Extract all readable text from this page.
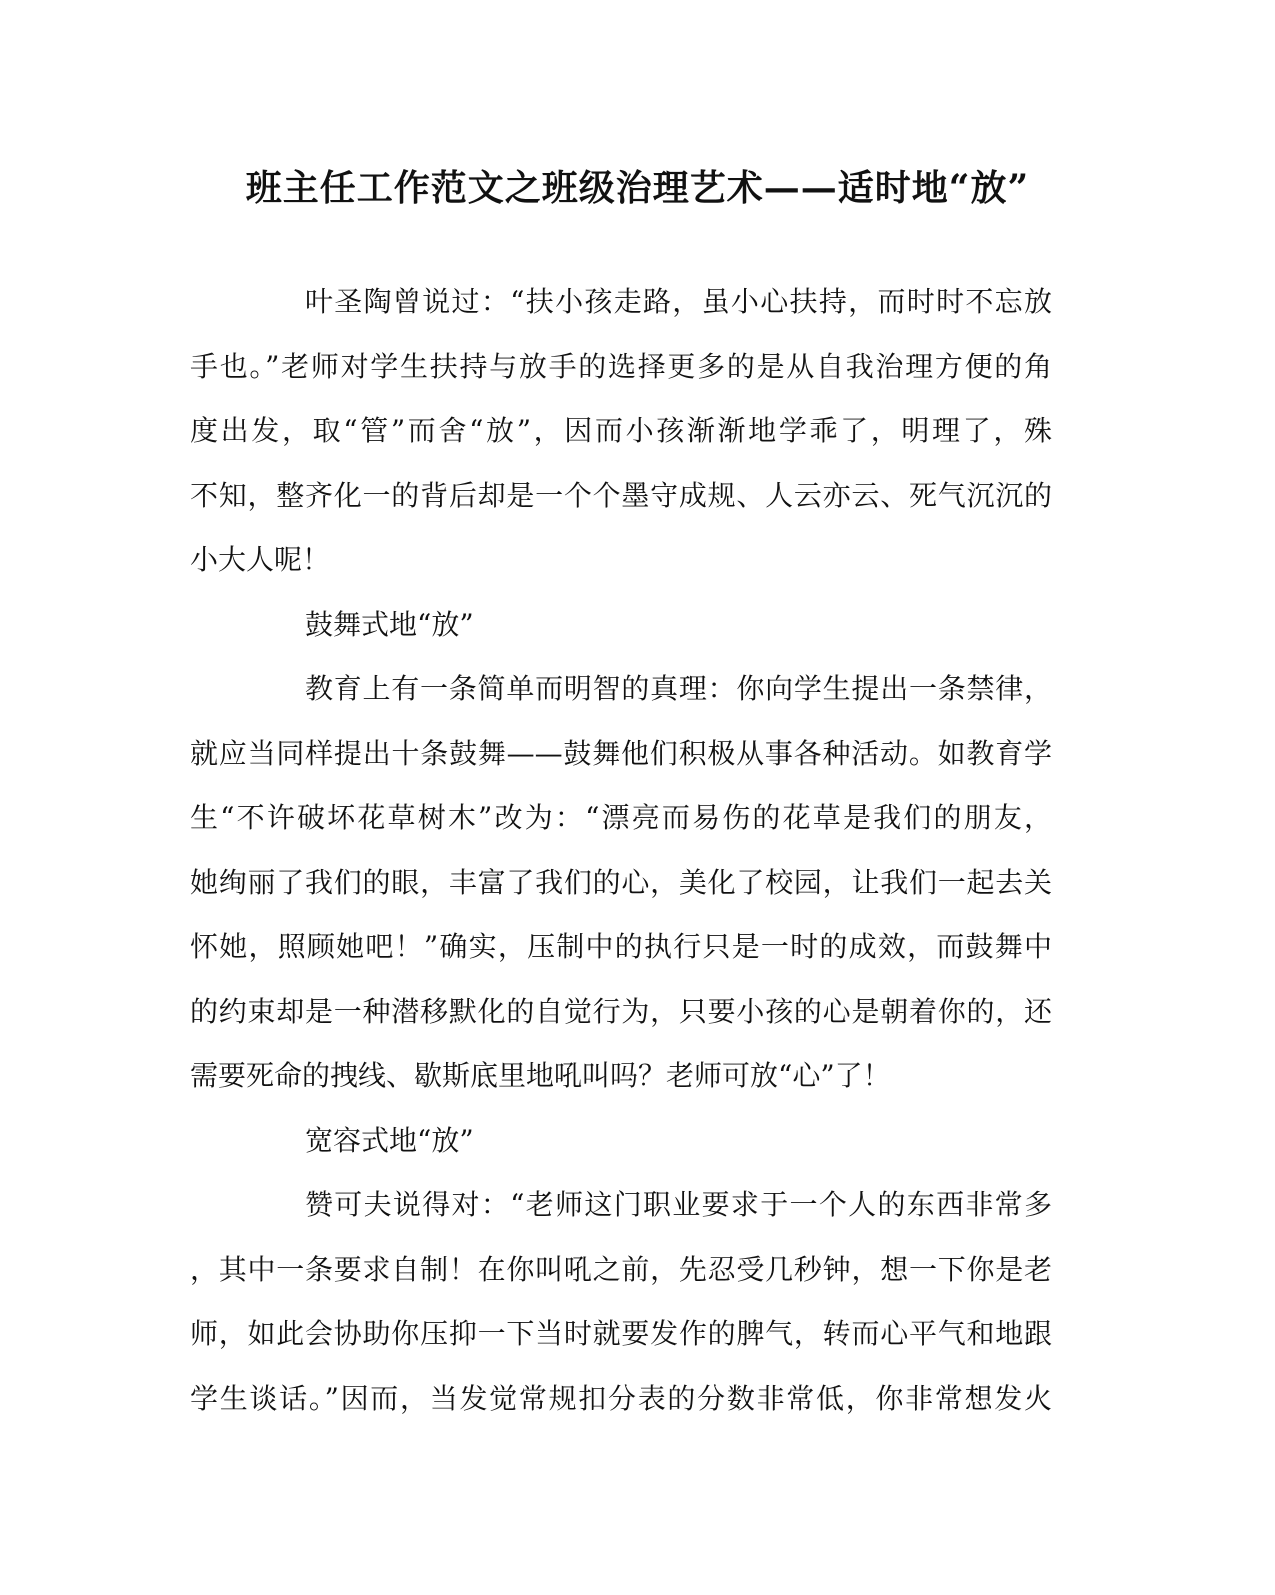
班主任工作范文之班级治理艺术——适时地“放”
叶圣陶曾说过：“扶小孩走路，虽小心扶持，而时时不忘放
手也。”老师对学生扶持与放手的选择更多的是从自我治理方便的角
度出发，取“管”而舍“放”，因而小孩渐渐地学乖了，明理了，殊
不知，整齐化一的背后却是一个个墨守成规、人云亦云、死气沉沉的
小大人呢！
鼓舞式地“放”
教育上有一条简单而明智的真理：你向学生提出一条禁律，
就应当同样提出十条鼓舞——鼓舞他们积极从事各种活动。如教育学
生“不许破坏花草树木”改为：“漂亮而易伤的花草是我们的朋友，
她绚丽了我们的眼，丰富了我们的心，美化了校园，让我们一起去关
怀她，照顾她吧！”确实，压制中的执行只是一时的成效，而鼓舞中
的约束却是一种潜移默化的自觉行为，只要小孩的心是朝着你的，还
需要死命的拽线、歇斯底里地吼叫吗？老师可放“心”了！
宽容式地“放”
赞可夫说得对：“老师这门职业要求于一个人的东西非常多
，其中一条要求自制！在你叫吼之前，先忍受几秒钟，想一下你是老
师，如此会协助你压抑一下当时就要发作的脾气，转而心平气和地跟
学生谈话。”因而，当发觉常规扣分表的分数非常低，你非常想发火
